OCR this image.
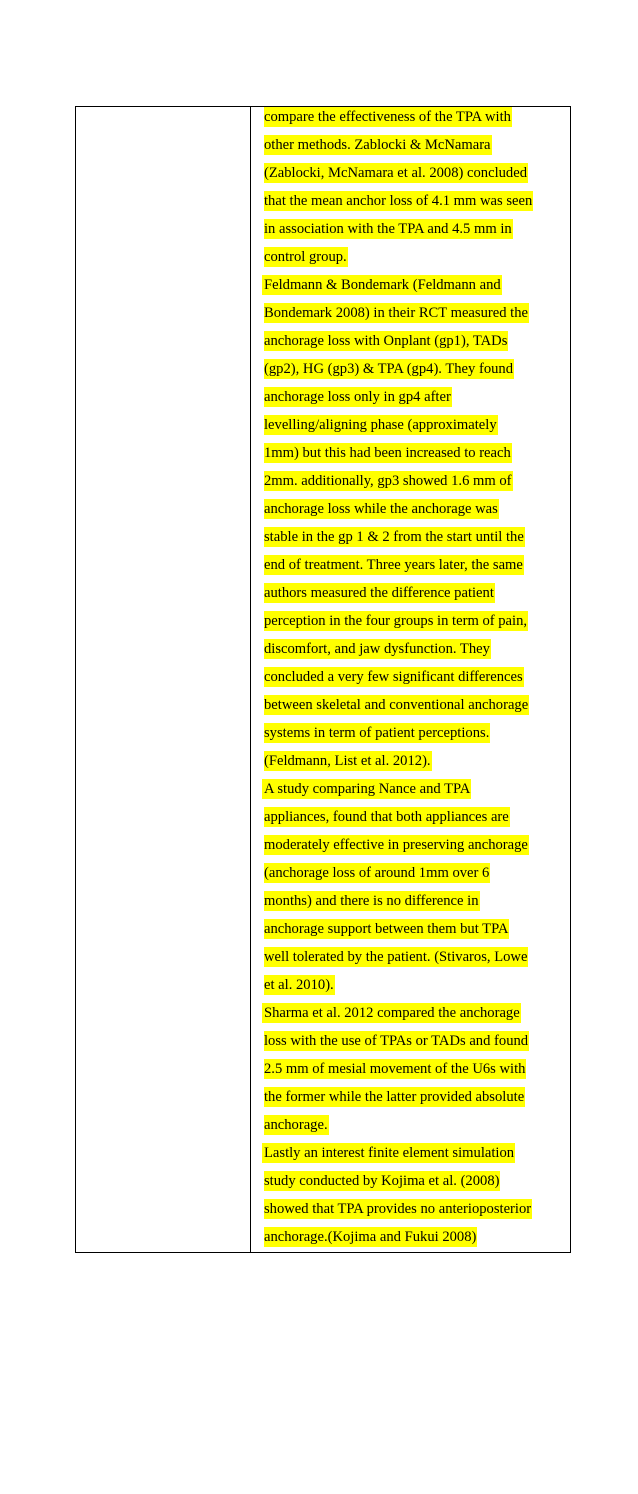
compare the effectiveness of the TPA with
other methods. Zablocki & McNamara
(Zablocki, McNamara et al. 2008) concluded
that the mean anchor loss of 4.1 mm was seen
in association with the TPA and 4.5 mm in
control group.
Feldmann & Bondemark (Feldmann and
Bondemark 2008) in their RCT measured the
anchorage loss with Onplant (gp1), TADs
(gp2), HG (gp3) & TPA (gp4). They found
anchorage loss only in gp4 after
levelling/aligning phase (approximately
1mm) but this had been increased to reach
2mm. additionally, gp3 showed 1.6 mm of
anchorage loss while the anchorage was
stable in the gp 1 & 2 from the start until the
end of treatment. Three years later, the same
authors measured the difference patient
perception in the four groups in term of pain,
discomfort, and jaw dysfunction. They
concluded a very few significant differences
between skeletal and conventional anchorage
systems in term of patient perceptions.
(Feldmann, List et al. 2012).
A study comparing Nance and TPA
appliances, found that both appliances are
moderately effective in preserving anchorage
(anchorage loss of around 1mm over 6
months) and there is no difference in
anchorage support between them but TPA
well tolerated by the patient. (Stivaros, Lowe
et al. 2010).
Sharma et al. 2012 compared the anchorage
loss with the use of TPAs or TADs and found
2.5 mm of mesial movement of the U6s with
the former while the latter provided absolute
anchorage.
Lastly an interest finite element simulation
study conducted by Kojima et al. (2008)
showed that TPA provides no anterioposterior
anchorage.(Kojima and Fukui 2008)
